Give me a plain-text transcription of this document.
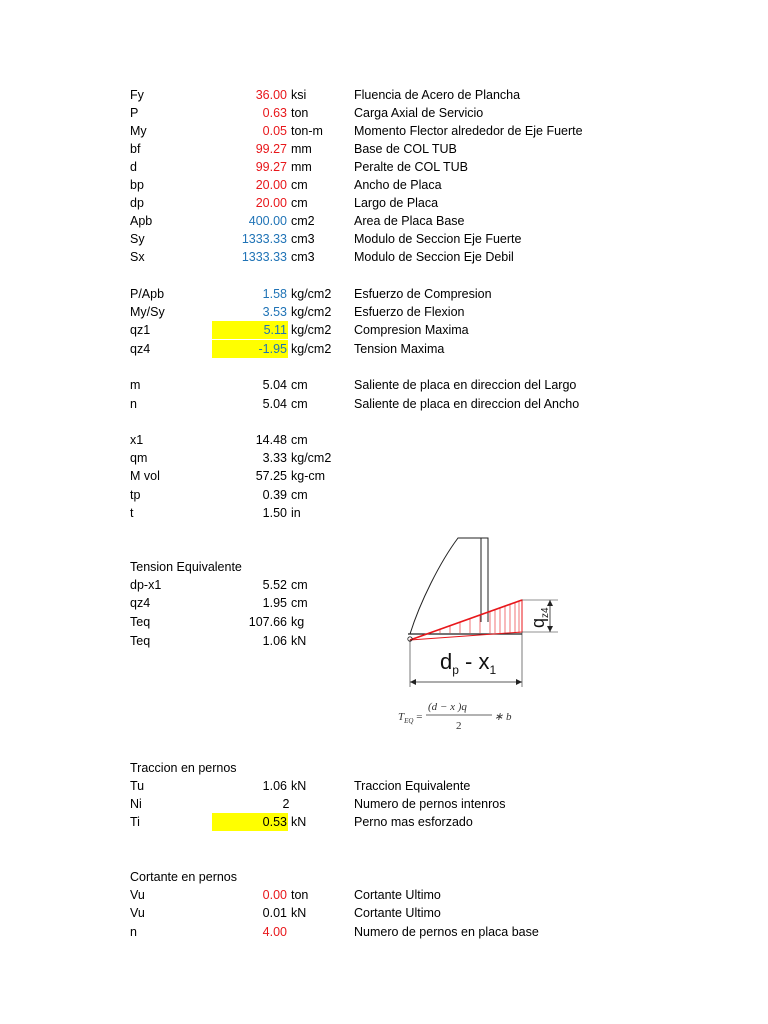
Fy	36.00 ksi	Fluencia de Acero de Plancha
P	0.63 ton	Carga Axial de Servicio
My	0.05 ton-m Momento Flector alrededor de Eje Fuerte
bf	99.27 mm	Base de COL TUB
d	99.27 mm	Peralte de COL TUB
bp	20.00 cm	Ancho de Placa
dp	20.00 cm	Largo de Placa
Apb	400.00 cm2	Area de Placa Base
Sy	1333.33 cm3	Modulo de Seccion Eje Fuerte
Sx	1333.33 cm3	Modulo de Seccion Eje Debil
P/Apb	1.58 kg/cm2 Esfuerzo de Compresion
My/Sy	3.53 kg/cm2 Esfuerzo de Flexion
qz1	5.11 kg/cm2 Compresion Maxima
qz4	-1.95 kg/cm2 Tension Maxima
m	5.04 cm	Saliente de placa en direccion del Largo
n	5.04 cm	Saliente de placa en direccion del Ancho
x1	14.48 cm
qm	3.33 kg/cm2
M vol	57.25 kg-cm
tp	0.39 cm
t	1.50 in
Tension Equivalente
dp-x1	5.52 cm
qz4	1.95 cm
Teq	107.66 kg
Teq	1.06 kN
$d_p - x_1$
$q_{z4}$
$T_{EQ}$ =
(d − x )q
2
∗ b
Traccion en pernos
Tu	1.06 kN	Traccion Equivalente
Ni	2	Numero de pernos intenros
Ti	0.53 kN	Perno mas esforzado
Cortante en pernos
Vu	0.00 ton	Cortante Ultimo
Vu	0.01 kN	Cortante Ultimo
n	4.00	Numero de pernos en placa base
